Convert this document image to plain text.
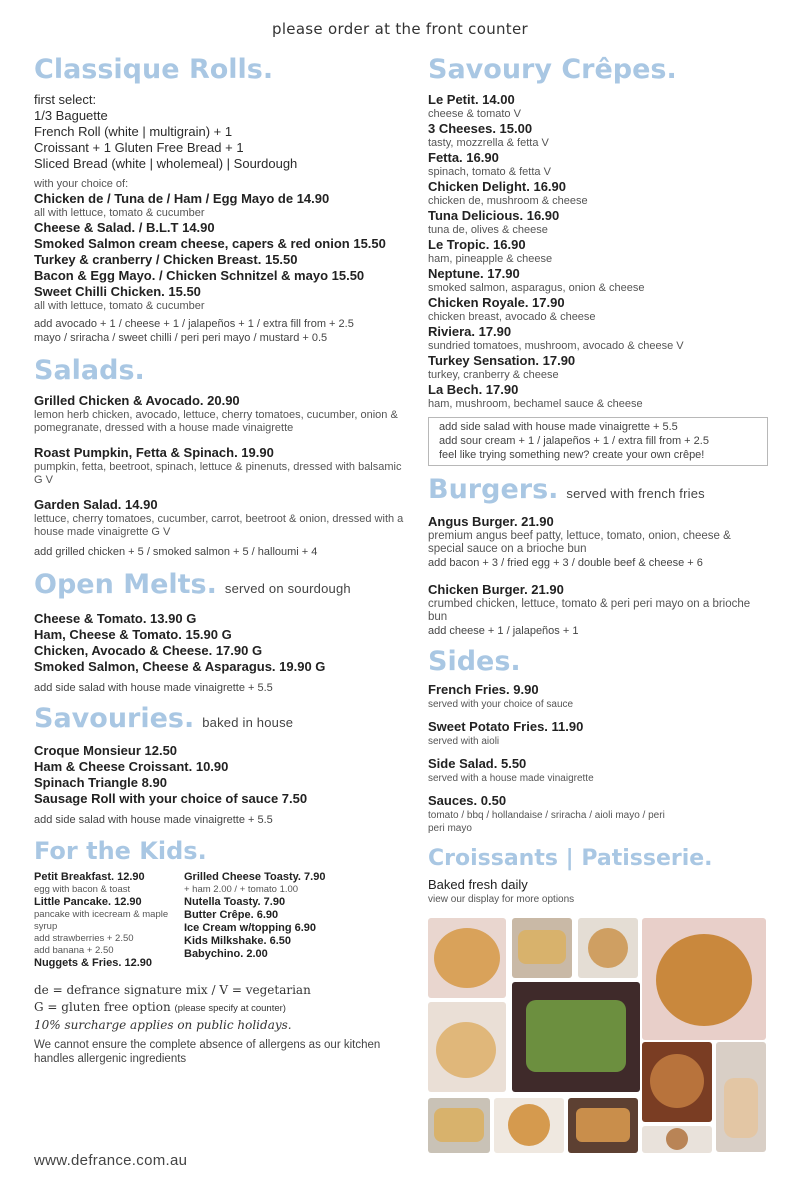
please order at the front counter
Classique Rolls.
first select:
1/3 Baguette
French Roll (white | multigrain) + 1
Croissant + 1 Gluten Free Bread + 1
Sliced Bread (white | wholemeal) | Sourdough
with your choice of:
Chicken de / Tuna de / Ham / Egg Mayo de 14.90
all with lettuce, tomato & cucumber
Cheese & Salad. / B.L.T 14.90
Smoked Salmon cream cheese, capers & red onion 15.50
Turkey & cranberry / Chicken Breast. 15.50
Bacon & Egg Mayo. / Chicken Schnitzel & mayo 15.50
Sweet Chilli Chicken. 15.50
all with lettuce, tomato & cucumber
add avocado + 1 / cheese + 1 / jalapeños + 1 / extra fill from + 2.5
mayo / sriracha / sweet chilli / peri peri mayo / mustard + 0.5
Salads.
Grilled Chicken & Avocado. 20.90
lemon herb chicken, avocado, lettuce, cherry tomatoes, cucumber, onion & pomegranate, dressed with a house made vinaigrette
Roast Pumpkin, Fetta & Spinach. 19.90
pumpkin, fetta, beetroot, spinach, lettuce & pinenuts, dressed with balsamic G V
Garden Salad. 14.90
lettuce, cherry tomatoes, cucumber, carrot, beetroot & onion, dressed with a house made vinaigrette G V
add grilled chicken + 5 / smoked salmon + 5 / halloumi + 4
Open Melts. served on sourdough
Cheese & Tomato. 13.90 G
Ham, Cheese & Tomato. 15.90 G
Chicken, Avocado & Cheese. 17.90 G
Smoked Salmon, Cheese & Asparagus. 19.90 G
add side salad with house made vinaigrette + 5.5
Savouries. baked in house
Croque Monsieur 12.50
Ham & Cheese Croissant. 10.90
Spinach Triangle 8.90
Sausage Roll with your choice of sauce 7.50
add side salad with house made vinaigrette + 5.5
For the Kids.
Petit Breakfast. 12.90
egg with bacon & toast
Little Pancake. 12.90
pancake with icecream & maple syrup
add strawberries + 2.50
add banana + 2.50
Nuggets & Fries. 12.90
Grilled Cheese Toasty. 7.90
+ ham 2.00 / + tomato 1.00
Nutella Toasty. 7.90
Butter Crêpe. 6.90
Ice Cream w/topping 6.90
Kids Milkshake. 6.50
Babychino. 2.00
de = defrance signature mix / V = vegetarian
G = gluten free option (please specify at counter)
10% surcharge applies on public holidays.
We cannot ensure the complete absence of allergens as our kitchen handles allergenic ingredients
www.defrance.com.au
Savoury Crêpes.
Le Petit. 14.00
cheese & tomato V
3 Cheeses. 15.00
tasty, mozzrella & fetta V
Fetta. 16.90
spinach, tomato & fetta V
Chicken Delight. 16.90
chicken de, mushroom & cheese
Tuna Delicious. 16.90
tuna de, olives & cheese
Le Tropic. 16.90
ham, pineapple & cheese
Neptune. 17.90
smoked salmon, asparagus, onion & cheese
Chicken Royale. 17.90
chicken breast, avocado & cheese
Riviera. 17.90
sundried tomatoes, mushroom, avocado & cheese V
Turkey Sensation. 17.90
turkey, cranberry & cheese
La Bech. 17.90
ham, mushroom, bechamel sauce & cheese
add side salad with house made vinaigrette + 5.5
add sour cream + 1 / jalapeños + 1 / extra fill from + 2.5
feel like trying something new? create your own crêpe!
Burgers. served with french fries
Angus Burger. 21.90
premium angus beef patty, lettuce, tomato, onion, cheese & special sauce on a brioche bun
add bacon + 3 / fried egg + 3 / double beef & cheese + 6
Chicken Burger. 21.90
crumbed chicken, lettuce, tomato & peri peri mayo on a brioche bun
add cheese + 1 / jalapeños + 1
Sides.
French Fries. 9.90
served with your choice of sauce
Sweet Potato Fries. 11.90
served with aioli
Side Salad. 5.50
served with a house made vinaigrette
Sauces. 0.50
tomato / bbq / hollandaise / sriracha / aioli mayo / peri peri mayo
Croissants | Patisserie.
Baked fresh daily
view our display for more options
